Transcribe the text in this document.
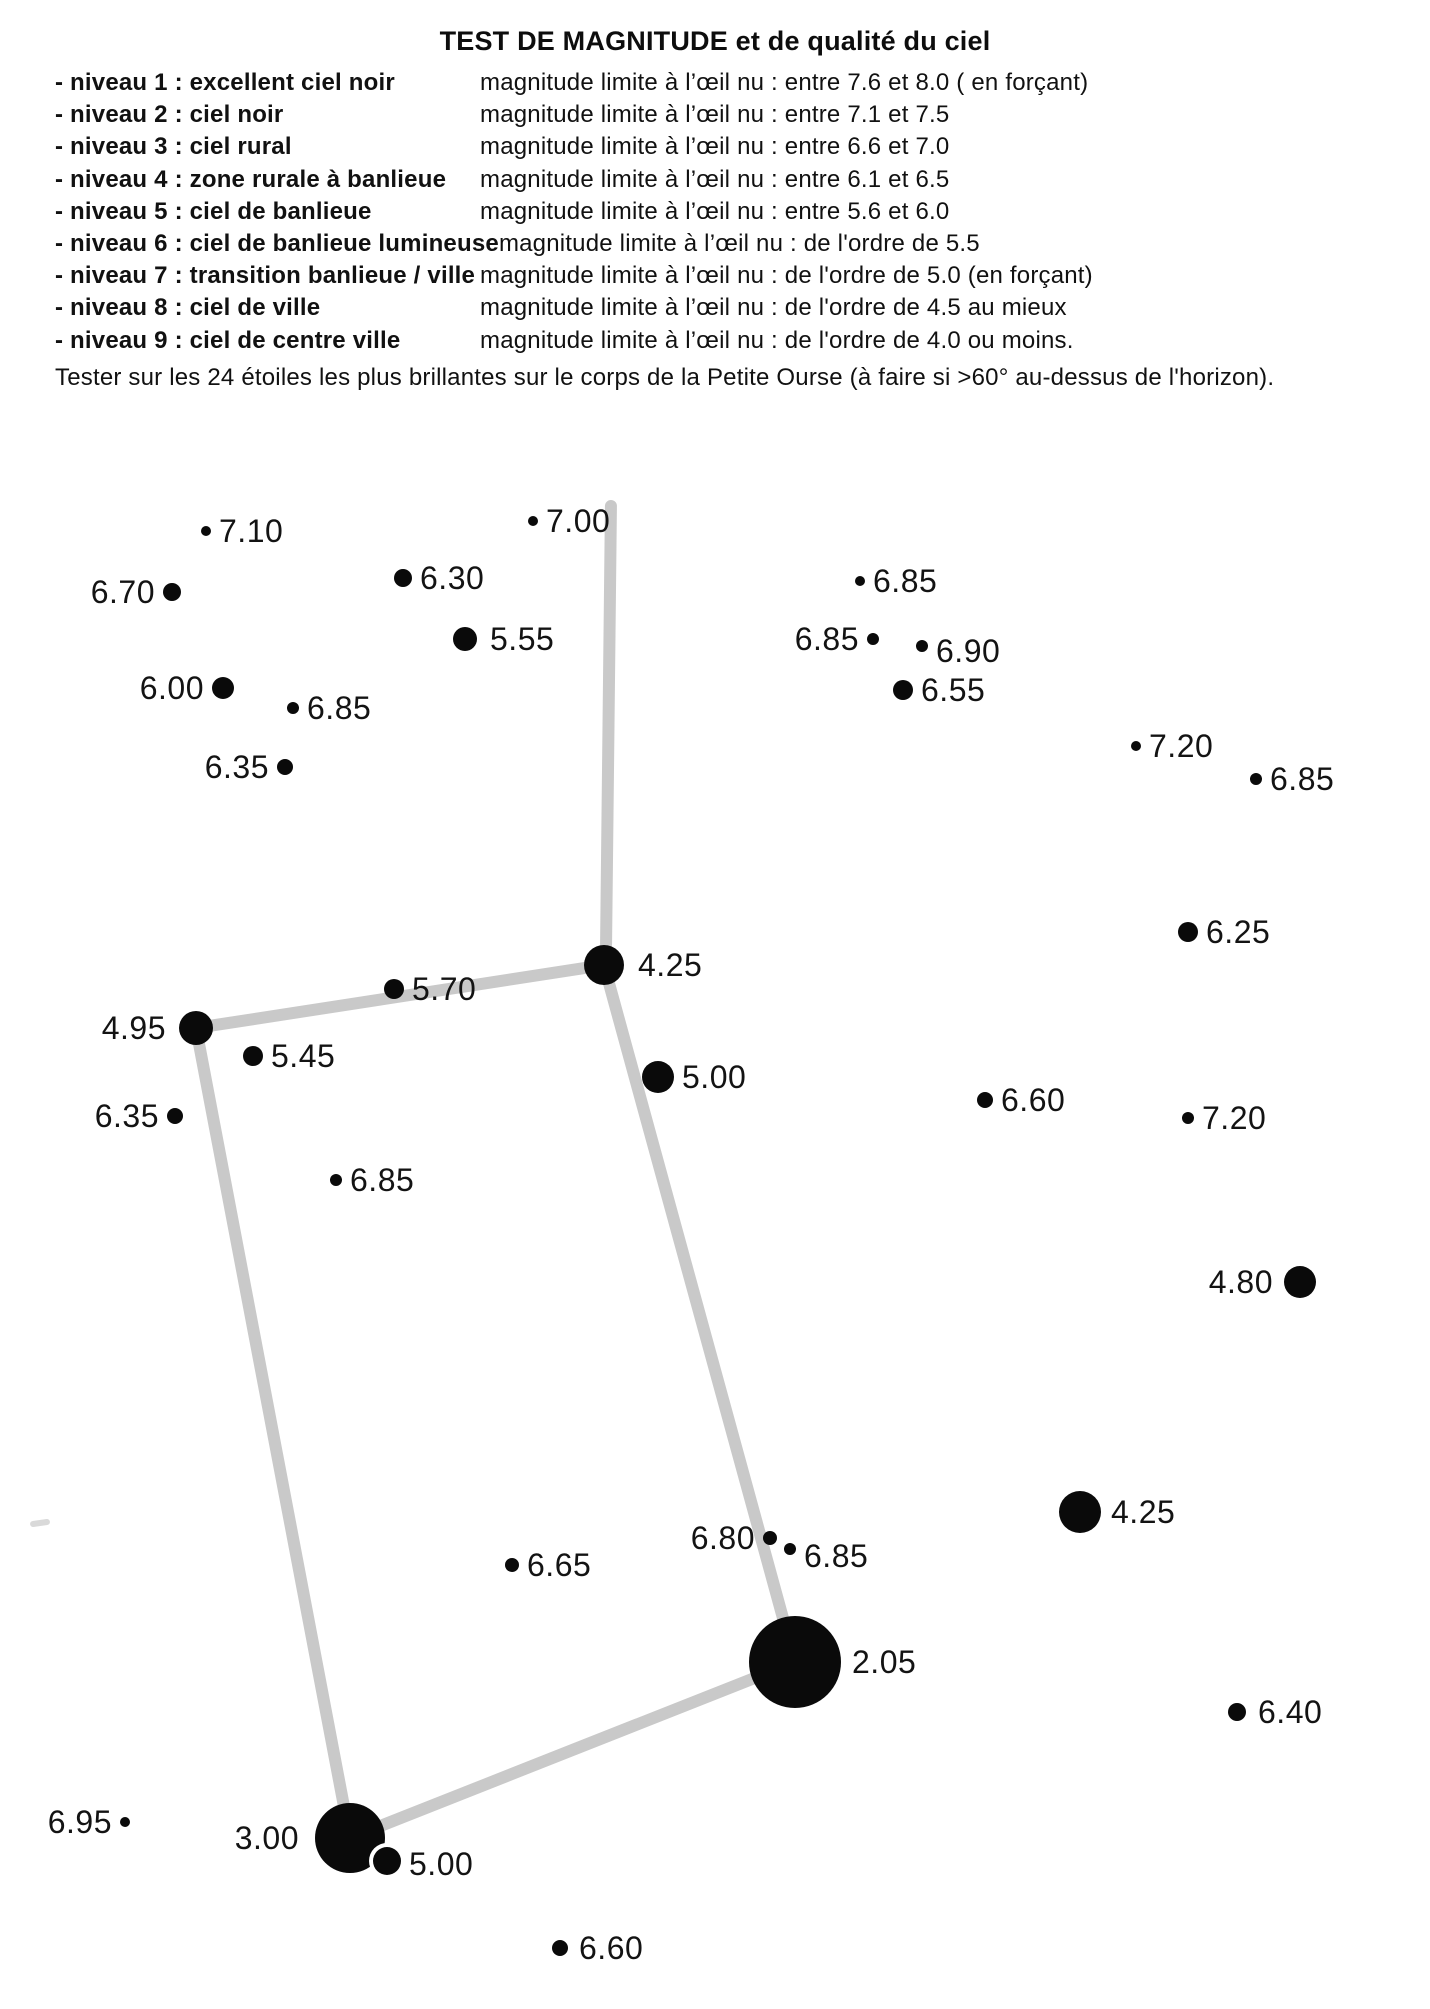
TEST DE MAGNITUDE et de qualité du ciel
- niveau 1 : excellent ciel noir	magnitude limite à l’œil nu : entre 7.6 et 8.0 ( en forçant)
- niveau 2 : ciel noir	magnitude limite à l’œil nu : entre 7.1 et 7.5
- niveau 3 : ciel rural	magnitude limite à l’œil nu : entre 6.6 et 7.0
- niveau 4 : zone rurale à banlieue	magnitude limite à l’œil nu : entre 6.1 et 6.5
- niveau 5 : ciel de banlieue	magnitude limite à l’œil nu : entre 5.6 et 6.0
- niveau 6 : ciel de banlieue lumineuse magnitude limite à l’œil nu : de l'ordre de 5.5
- niveau 7 : transition banlieue / ville magnitude limite à l’œil nu : de l'ordre de 5.0 (en forçant)
- niveau 8 : ciel de ville	magnitude limite à l’œil nu : de l'ordre de 4.5 au mieux
- niveau 9 : ciel de centre ville	magnitude limite à l’œil nu : de l'ordre de 4.0 ou moins.

Tester sur les 24 étoiles les plus brillantes sur le corps de la Petite Ourse (à faire si >60° au-dessus de l'horizon).

7.10	7.00
6.70	6.30	6.85
5.55	6.85 6.90
6.00	6.55
6.85
6.35
7.20
6.85
6.25
4.25
5.70
4.95
5.45
6.35
5.00
6.60	7.20
6.85
4.80
4.25
6.65
6.80 6.85
2.05
6.40
6.95	3.00
5.00
6.60
